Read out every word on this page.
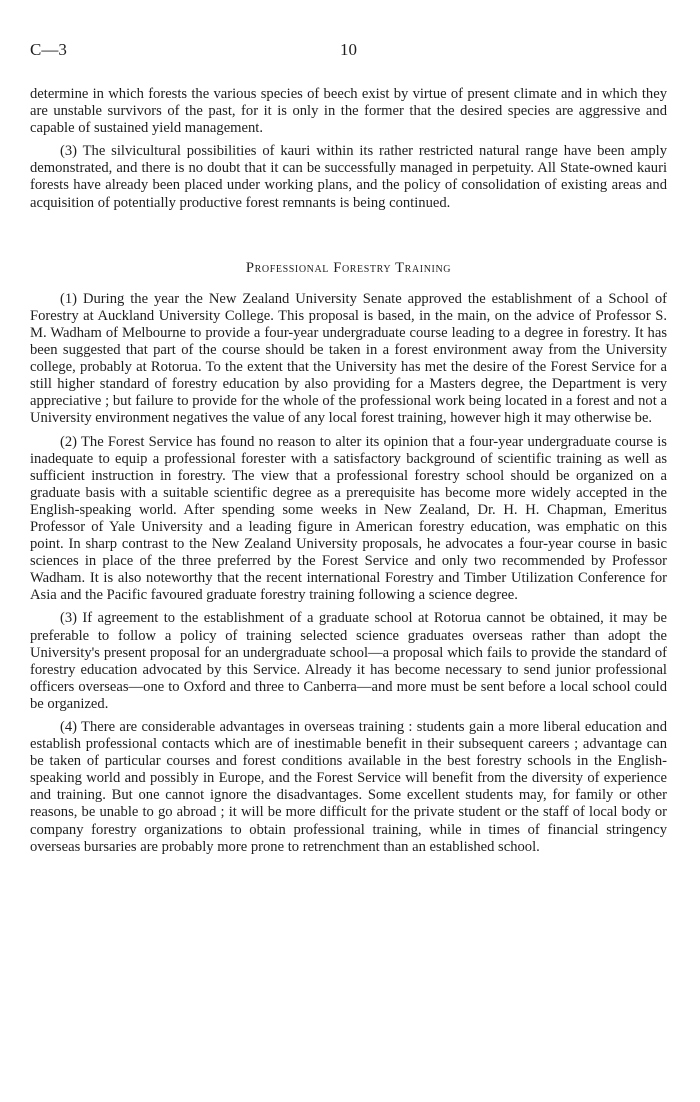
C—3	10

determine in which forests the various species of beech exist by virtue of present climate and in which they are unstable survivors of the past, for it is only in the former that the desired species are aggressive and capable of sustained yield management.

(3) The silvicultural possibilities of kauri within its rather restricted natural range have been amply demonstrated, and there is no doubt that it can be successfully managed in perpetuity. All State-owned kauri forests have already been placed under working plans, and the policy of consolidation of existing areas and acquisition of potentially productive forest remnants is being continued.

Professional Forestry Training

(1) During the year the New Zealand University Senate approved the establishment of a School of Forestry at Auckland University College. This proposal is based, in the main, on the advice of Professor S. M. Wadham of Melbourne to provide a four-year undergraduate course leading to a degree in forestry. It has been suggested that part of the course should be taken in a forest environment away from the University college, probably at Rotorua. To the extent that the University has met the desire of the Forest Service for a still higher standard of forestry education by also providing for a Masters degree, the Department is very appreciative ; but failure to provide for the whole of the professional work being located in a forest and not a University environment negatives the value of any local forest training, however high it may otherwise be.

(2) The Forest Service has found no reason to alter its opinion that a four-year undergraduate course is inadequate to equip a professional forester with a satisfactory background of scientific training as well as sufficient instruction in forestry. The view that a professional forestry school should be organized on a graduate basis with a suitable scientific degree as a prerequisite has become more widely accepted in the English-speaking world. After spending some weeks in New Zealand, Dr. H. H. Chapman, Emeritus Professor of Yale University and a leading figure in American forestry education, was emphatic on this point. In sharp contrast to the New Zealand University proposals, he advocates a four-year course in basic sciences in place of the three preferred by the Forest Service and only two recommended by Professor Wadham. It is also noteworthy that the recent international Forestry and Timber Utilization Conference for Asia and the Pacific favoured graduate forestry training following a science degree.

(3) If agreement to the establishment of a graduate school at Rotorua cannot be obtained, it may be preferable to follow a policy of training selected science graduates overseas rather than adopt the University's present proposal for an undergraduate school—a proposal which fails to provide the standard of forestry education advocated by this Service. Already it has become necessary to send junior professional officers overseas—one to Oxford and three to Canberra—and more must be sent before a local school could be organized.

(4) There are considerable advantages in overseas training : students gain a more liberal education and establish professional contacts which are of inestimable benefit in their subsequent careers ; advantage can be taken of particular courses and forest conditions available in the best forestry schools in the English-speaking world and possibly in Europe, and the Forest Service will benefit from the diversity of experience and training. But one cannot ignore the disadvantages. Some excellent students may, for family or other reasons, be unable to go abroad ; it will be more difficult for the private student or the staff of local body or company forestry organizations to obtain professional training, while in times of financial stringency overseas bursaries are probably more prone to retrenchment than an established school.
